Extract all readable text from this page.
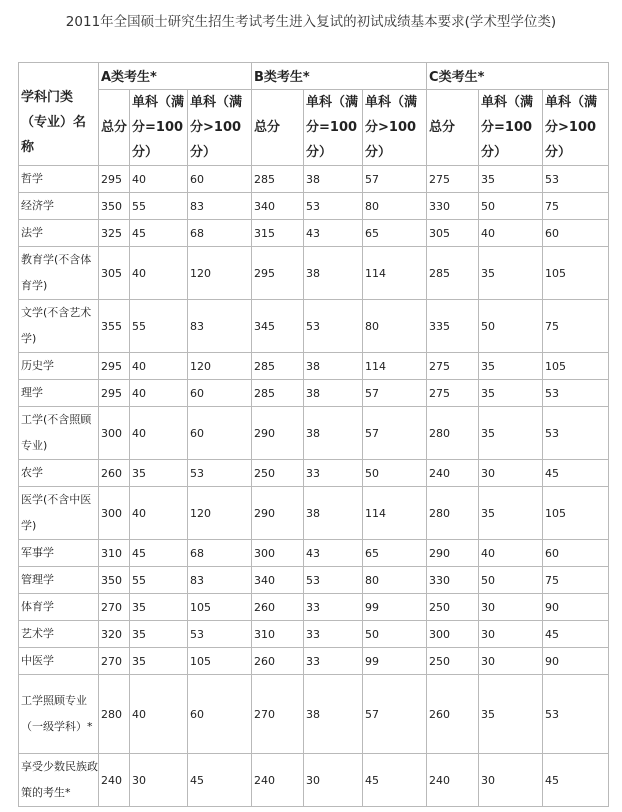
2011年全国硕士研究生招生考试考生进入复试的初试成绩基本要求(学术型学位类)
学科门类（专业）名称	A类考生*			B类考生*			C类考生*		
	总分	单科（满分=100分）	单科（满分>100分）	总分	单科（满分=100分）	单科（满分>100分）	总分	单科（满分=100分）	单科（满分>100分）
哲学	295	40	60	285	38	57	275	35	53
经济学	350	55	83	340	53	80	330	50	75
法学	325	45	68	315	43	65	305	40	60
教育学(不含体育学)	305	40	120	295	38	114	285	35	105
文学(不含艺术学)	355	55	83	345	53	80	335	50	75
历史学	295	40	120	285	38	114	275	35	105
理学	295	40	60	285	38	57	275	35	53
工学(不含照顾专业)	300	40	60	290	38	57	280	35	53
农学	260	35	53	250	33	50	240	30	45
医学(不含中医学)	300	40	120	290	38	114	280	35	105
军事学	310	45	68	300	43	65	290	40	60
管理学	350	55	83	340	53	80	330	50	75
体育学	270	35	105	260	33	99	250	30	90
艺术学	320	35	53	310	33	50	300	30	45
中医学	270	35	105	260	33	99	250	30	90
工学照顾专业（一级学科）*	280	40	60	270	38	57	260	35	53
享受少数民族政策的考生*	240	30	45	240	30	45	240	30	45
